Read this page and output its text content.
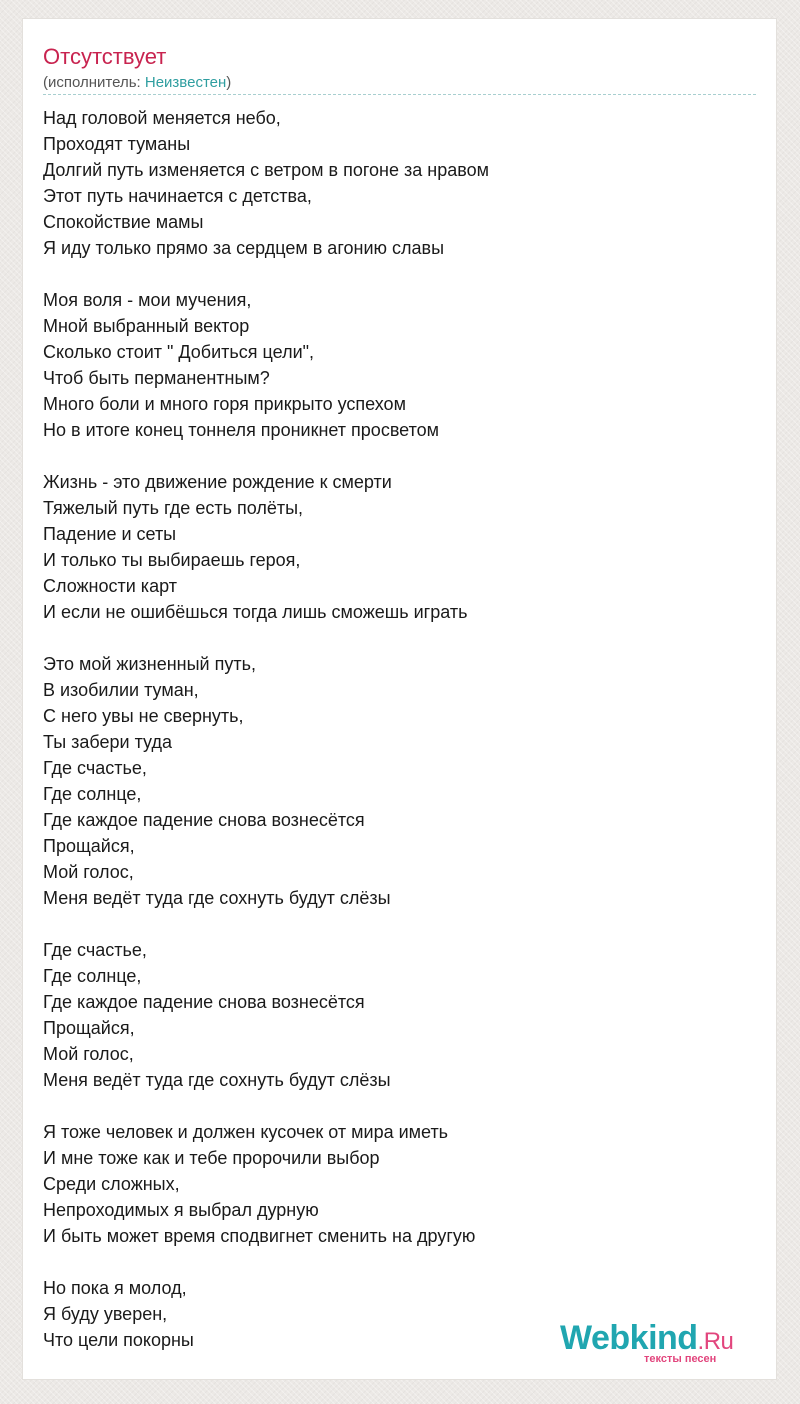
Отсутствует
(исполнитель: Неизвестен)
Над головой меняется небо,
Проходят туманы
Долгий путь изменяется с ветром в погоне за нравом
Этот путь начинается с детства,
Спокойствие мамы
Я иду только прямо за сердцем в агонию славы
Моя воля - мои мучения,
Мной выбранный вектор
Сколько стоит " Добиться цели",
Чтоб быть перманентным?
Много боли и много горя прикрыто успехом
Но в итоге конец тоннеля проникнет просветом
Жизнь - это движение рождение к смерти
Тяжелый путь где есть полёты,
Падение и сеты
И только ты выбираешь героя,
Сложности карт
И если не ошибёшься тогда лишь сможешь играть
Это мой жизненный путь,
В изобилии туман,
С него увы не свернуть,
Ты забери туда
Где счастье,
Где солнце,
Где каждое падение снова вознесётся
Прощайся,
Мой голос,
Меня ведёт туда где сохнуть будут слёзы
Где счастье,
Где солнце,
Где каждое падение снова вознесётся
Прощайся,
Мой голос,
Меня ведёт туда где сохнуть будут слёзы
Я тоже человек и должен кусочек от мира иметь
И мне тоже как и тебе пророчили выбор
Среди сложных,
Непроходимых я выбрал дурную
И быть может время сподвигнет сменить на другую
Но пока я молод,
Я буду уверен,
Что цели покорны	Webkind.Ru
тексты песен
